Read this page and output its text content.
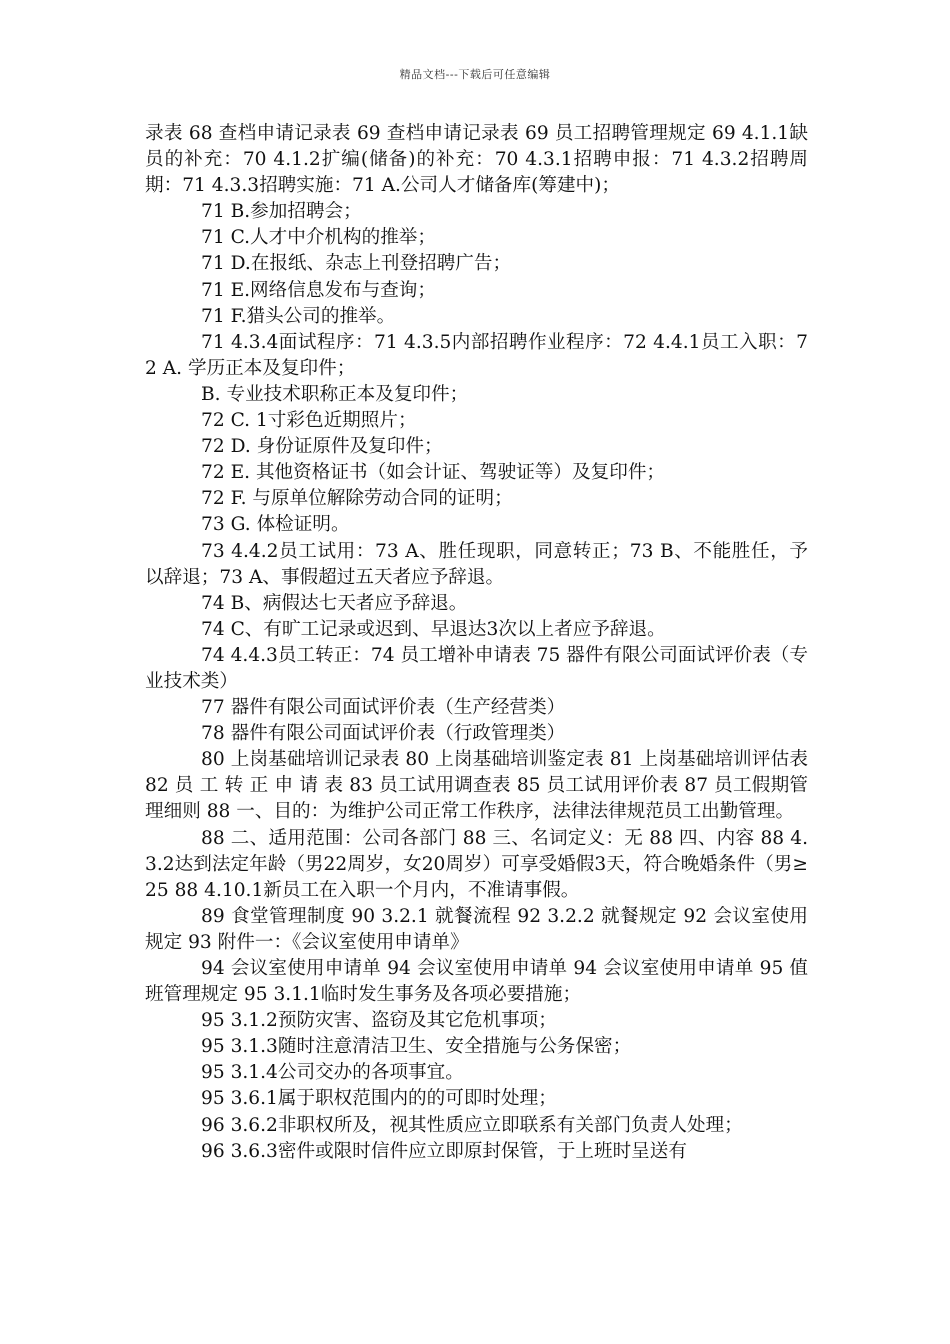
精品文档---下载后可任意编辑

录表 68 查档申请记录表 69 查档申请记录表 69 员工招聘管理规定 69 4.1.1缺员的补充：70 4.1.2扩编(储备)的补充：70 4.3.1招聘申报：71 4.3.2招聘周期：71 4.3.3招聘实施：71 A.公司人才储备库(筹建中)；

71 B.参加招聘会；

71 C.人才中介机构的推举；

71 D.在报纸、杂志上刊登招聘广告；

71 E.网络信息发布与查询；

71 F.猎头公司的推举。

71 4.3.4面试程序：71 4.3.5内部招聘作业程序：72 4.4.1员工入职：72 A. 学历正本及复印件；

B. 专业技术职称正本及复印件；

72 C. 1寸彩色近期照片；

72 D. 身份证原件及复印件；

72 E. 其他资格证书（如会计证、驾驶证等）及复印件；

72 F. 与原单位解除劳动合同的证明；

73 G. 体检证明。

73 4.4.2员工试用：73 A、胜任现职，同意转正；73 B、不能胜任，予以辞退；73 A、事假超过五天者应予辞退。

74 B、病假达七天者应予辞退。

74 C、有旷工记录或迟到、早退达3次以上者应予辞退。

74 4.4.3员工转正：74 员工增补申请表 75 器件有限公司面试评价表（专业技术类）

77 器件有限公司面试评价表（生产经营类）

78 器件有限公司面试评价表（行政管理类）

80 上岗基础培训记录表 80 上岗基础培训鉴定表 81 上岗基础培训评估表 82 员 工 转 正 申 请 表 83 员工试用调查表 85 员工试用评价表 87 员工假期管理细则 88 一、目的：为维护公司正常工作秩序，法律法律规范员工出勤管理。

88 二、适用范围：公司各部门 88 三、名词定义：无 88 四、内容 88 4.3.2达到法定年龄（男22周岁，女20周岁）可享受婚假3天，符合晚婚条件（男≥25 88 4.10.1新员工在入职一个月内，不准请事假。

89 食堂管理制度 90 3.2.1 就餐流程 92 3.2.2 就餐规定 92 会议室使用规定 93 附件一：《会议室使用申请单》

94 会议室使用申请单 94 会议室使用申请单 94 会议室使用申请单 95 值班管理规定 95 3.1.1临时发生事务及各项必要措施；

95 3.1.2预防灾害、盗窃及其它危机事项；

95 3.1.3随时注意清洁卫生、安全措施与公务保密；

95 3.1.4公司交办的各项事宜。

95 3.6.1属于职权范围内的的可即时处理；

96 3.6.2非职权所及，视其性质应立即联系有关部门负责人处理；

96 3.6.3密件或限时信件应立即原封保管，于上班时呈送有
